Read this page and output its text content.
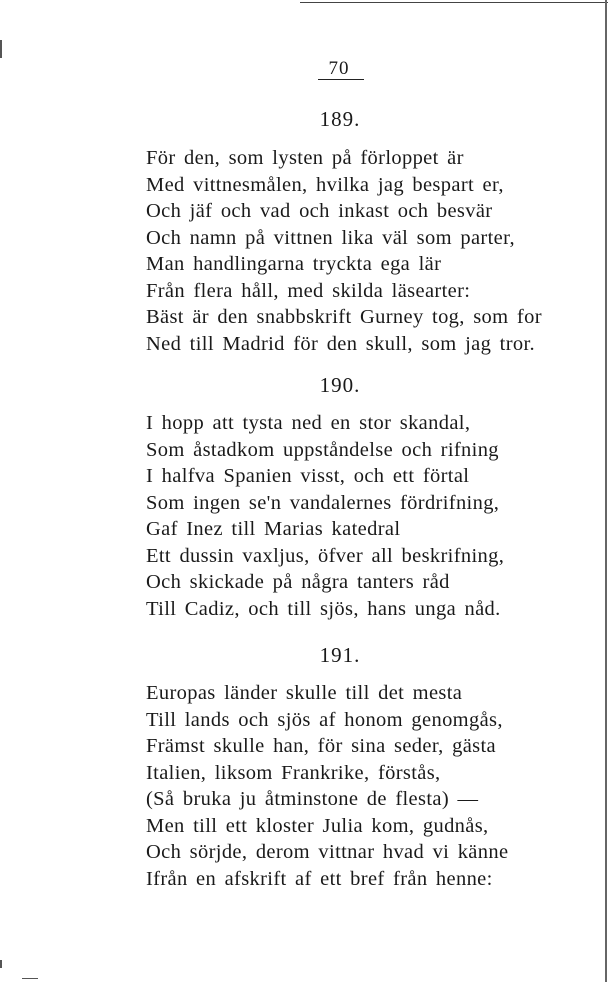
70
189.
För den, som lysten på förloppet är
Med vittnesmålen, hvilka jag bespart er,
Och jäf och vad och inkast och besvär
Och namn på vittnen lika väl som parter,
Man handlingarna tryckta ega lär
Från flera håll, med skilda läsearter:
Bäst är den snabbskrift Gurney tog, som for
Ned till Madrid för den skull, som jag tror.
190.
I hopp att tysta ned en stor skandal,
Som åstadkom uppståndelse och rifning
I halfva Spanien visst, och ett förtal
Som ingen se'n vandalernes fördrifning,
Gaf Inez till Marias katedral
Ett dussin vaxljus, öfver all beskrifning,
Och skickade på några tanters råd
Till Cadiz, och till sjös, hans unga nåd.
191.
Europas länder skulle till det mesta
Till lands och sjös af honom genomgås,
Främst skulle han, för sina seder, gästa
Italien, liksom Frankrike, förstås,
(Så bruka ju åtminstone de flesta) —
Men till ett kloster Julia kom, gudnås,
Och sörjde, derom vittnar hvad vi känne
Ifrån en afskrift af ett bref från henne:
